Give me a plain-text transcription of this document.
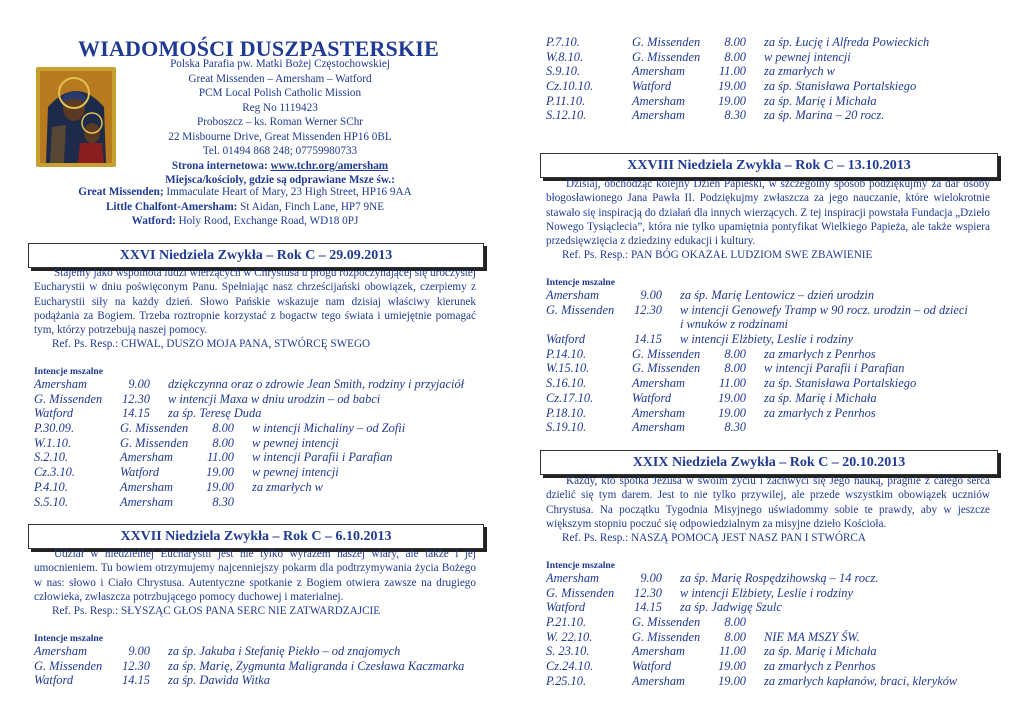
WIADOMOŚCI DUSZPASTERSKIE
Polska Parafia pw. Matki Bożej Częstochowskiej
Great Missenden – Amersham – Watford
PCM Local Polish Catholic Mission
Reg No 1119423
Proboszcz – ks. Roman Werner SChr
22 Misbourne Drive, Great Missenden HP16 0BL
Tel. 01494 868 248; 07759980733
Strona internetowa: www.tchr.org/amersham
Miejsca/kościoły, gdzie są odprawiane Msze św.:
Great Missenden; Immaculate Heart of Mary, 23 High Street, HP16 9AA
Little Chalfont-Amersham: St Aidan, Finch Lane, HP7 9NE
Watford: Holy Rood, Exchange Road, WD18 0PJ
XXVI Niedziela Zwykła – Rok C – 29.09.2013
Stajemy jako wspólnota ludzi wierzących w Chrystusa u progu rozpoczynającej się uroczystej Eucharystii w dniu poświęconym Panu. Spełniając nasz chrześcijański obowiązek, czerpiemy z Eucharystii siły na każdy dzień. Słowo Pańskie wskazuje nam dzisiaj właściwy kierunek podążania za Bogiem. Trzeba roztropnie korzystać z bogactw tego świata i umiejętnie pomagać tym, którzy potrzebują naszej pomocy.
Ref. Ps. Resp.: CHWAL, DUSZO MOJA PANA, STWÓRCĘ SWEGO
Intencje mszalne
Amersham	9.00 dziękczynna oraz o zdrowie Jean Smith, rodziny i przyjaciół
G. Missenden	12.30 w intencji Maxa w dniu urodzin – od babci
Watford	14.15 za śp. Teresę Duda
P.30.09.	G. Missenden	8.00 w intencji Michaliny – od Zofii
W.1.10.	G. Missenden	8.00 w pewnej intencji
S.2.10.	Amersham	11.00 w intencji Parafii i Parafian
Cz.3.10.	Watford	19.00 w pewnej intencji
P.4.10.	Amersham	19.00 za zmarłych w
S.5.10.	Amersham	8.30
XXVII Niedziela Zwykła – Rok C – 6.10.2013
Udział w niedzielnej Eucharystii jest nie tylko wyrazem naszej wiary, ale także i jej umocnieniem. Tu bowiem otrzymujemy najcenniejszy pokarm dla podtrzymywania życia Bożego w nas: słowo i Ciało Chrystusa. Autentyczne spotkanie z Bogiem otwiera zawsze na drugiego człowieka, zwłaszcza potrzbującego pomocy duchowej i materialnej.
Ref. Ps. Resp.: SŁYSZĄC GŁOS PANA SERC NIE ZATWARDZAJCIE
Intencje mszalne
Amersham	9.00 za śp. Jakuba i Stefanię Piekło – od znajomych
G. Missenden	12.30 za śp. Marię, Zygmunta Maligranda i Czesława Kaczmarka
Watford	14.15 za śp. Dawida Witka
P.7.10.	G. Missenden	8.00 za śp. Łucję i Alfreda Powieckich
W.8.10.	G. Missenden	8.00 w pewnej intencji
S.9.10.	Amersham	11.00 za zmarłych w
Cz.10.10.	Watford	19.00 za śp. Stanisława Portalskiego
P.11.10.	Amersham	19.00 za śp. Marię i Michała
S.12.10.	Amersham	8.30 za śp. Marina – 20 rocz.
XXVIII Niedziela Zwykła – Rok C – 13.10.2013
Dzisiaj, obchodząc kolejny Dzień Papieski, w szczególny sposób podziękujmy za dar osoby błogosławionego Jana Pawła II. Podziękujmy zwłaszcza za jego nauczanie, które wielokrotnie stawało się inspiracją do działań dla innych wierzących. Z tej inspiracji powstała Fundacja „Dzieło Nowego Tysiąclecia”, która nie tylko upamiętnia pontyfikat Wielkiego Papieża, ale także wspiera przedsięwzięcia z dziedziny edukacji i kultury.
Ref. Ps. Resp.: PAN BÓG OKAZAŁ LUDZIOM SWE ZBAWIENIE
Intencje mszalne
Amersham	9.00 za śp. Marię Lentowicz – dzień urodzin
G. Missenden	12.30 w intencji Genowefy Tramp w 90 rocz. urodzin – od dzieci
i wnuków z rodzinami
Watford	14.15 w intencji Elżbiety, Leslie i rodziny
P.14.10.	G. Missenden	8.00 za zmarłych z Penrhos
W.15.10.	G. Missenden	8.00 w intencji Parafii i Parafian
S.16.10.	Amersham	11.00 za śp. Stanisława Portalskiego
Cz.17.10.	Watford	19.00 za śp. Marię i Michała
P.18.10.	Amersham	19.00 za zmarłych z Penrhos
S.19.10.	Amersham	8.30
XXIX Niedziela Zwykła – Rok C – 20.10.2013
Każdy, kto spotka Jezusa w swoim życiu i zachwyci się Jego nauką, pragnie z całego serca dzielić się tym darem. Jest to nie tylko przywilej, ale przede wszystkim obowiązek uczniów Chrystusa. Na początku Tygodnia Misyjnego uświadommy sobie te prawdy, aby w jeszcze większym stopniu poczuć się odpowiedzialnym za misyjne dzieło Kościoła.
Ref. Ps. Resp.: NASZĄ POMOCĄ JEST NASZ PAN I STWÓRCA
Intencje mszalne
Amersham	9.00 za śp. Marię Rospędzihowską – 14 rocz.
G. Missenden	12.30 w intencji Elżbiety, Leslie i rodziny
Watford	14.15 za śp. Jadwigę Szulc
P.21.10.	G. Missenden	8.00
W. 22.10.	G. Missenden	8.00 NIE MA MSZY ŚW.
S. 23.10.	Amersham	11.00 za śp. Marię i Michała
Cz.24.10.	Watford	19.00 za zmarłych z Penrhos
P.25.10.	Amersham	19.00 za zmarłych kapłanów, braci, kleryków
